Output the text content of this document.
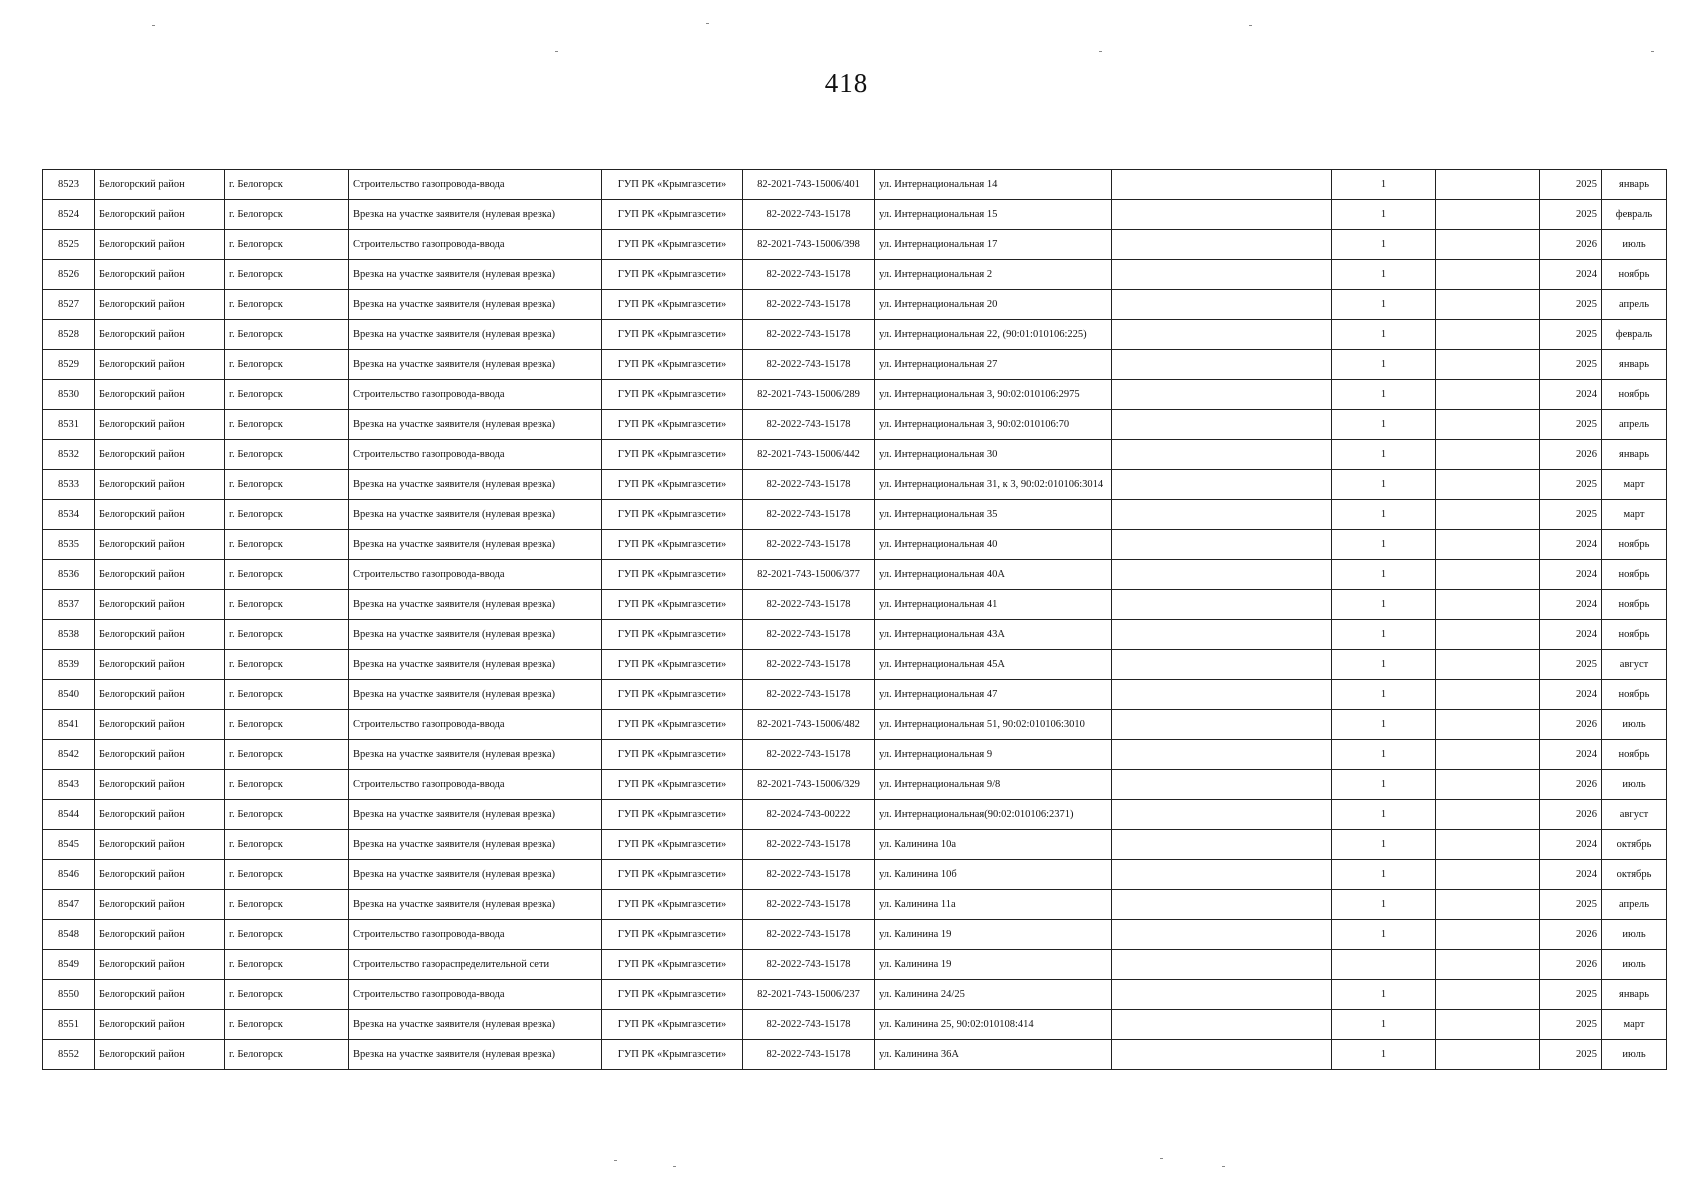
418
8523	Белогорский район	г. Белогорск	Строительство газопровода-ввода	ГУП РК «Крымгазсети»	82-2021-743-15006/401	ул. Интернациональная 14		1		2025	январь
8524	Белогорский район	г. Белогорск	Врезка на участке заявителя (нулевая врезка)	ГУП РК «Крымгазсети»	82-2022-743-15178	ул. Интернациональная 15		1		2025	февраль
8525	Белогорский район	г. Белогорск	Строительство газопровода-ввода	ГУП РК «Крымгазсети»	82-2021-743-15006/398	ул. Интернациональная 17		1		2026	июль
8526	Белогорский район	г. Белогорск	Врезка на участке заявителя (нулевая врезка)	ГУП РК «Крымгазсети»	82-2022-743-15178	ул. Интернациональная 2		1		2024	ноябрь
8527	Белогорский район	г. Белогорск	Врезка на участке заявителя (нулевая врезка)	ГУП РК «Крымгазсети»	82-2022-743-15178	ул. Интернациональная 20		1		2025	апрель
8528	Белогорский район	г. Белогорск	Врезка на участке заявителя (нулевая врезка)	ГУП РК «Крымгазсети»	82-2022-743-15178	ул. Интернациональная 22, (90:01:010106:225)		1		2025	февраль
8529	Белогорский район	г. Белогорск	Врезка на участке заявителя (нулевая врезка)	ГУП РК «Крымгазсети»	82-2022-743-15178	ул. Интернациональная 27		1		2025	январь
8530	Белогорский район	г. Белогорск	Строительство газопровода-ввода	ГУП РК «Крымгазсети»	82-2021-743-15006/289	ул. Интернациональная 3, 90:02:010106:2975		1		2024	ноябрь
8531	Белогорский район	г. Белогорск	Врезка на участке заявителя (нулевая врезка)	ГУП РК «Крымгазсети»	82-2022-743-15178	ул. Интернациональная 3, 90:02:010106:70		1		2025	апрель
8532	Белогорский район	г. Белогорск	Строительство газопровода-ввода	ГУП РК «Крымгазсети»	82-2021-743-15006/442	ул. Интернациональная 30		1		2026	январь
8533	Белогорский район	г. Белогорск	Врезка на участке заявителя (нулевая врезка)	ГУП РК «Крымгазсети»	82-2022-743-15178	ул. Интернациональная 31, к 3, 90:02:010106:3014		1		2025	март
8534	Белогорский район	г. Белогорск	Врезка на участке заявителя (нулевая врезка)	ГУП РК «Крымгазсети»	82-2022-743-15178	ул. Интернациональная 35		1		2025	март
8535	Белогорский район	г. Белогорск	Врезка на участке заявителя (нулевая врезка)	ГУП РК «Крымгазсети»	82-2022-743-15178	ул. Интернациональная 40		1		2024	ноябрь
8536	Белогорский район	г. Белогорск	Строительство газопровода-ввода	ГУП РК «Крымгазсети»	82-2021-743-15006/377	ул. Интернациональная 40А		1		2024	ноябрь
8537	Белогорский район	г. Белогорск	Врезка на участке заявителя (нулевая врезка)	ГУП РК «Крымгазсети»	82-2022-743-15178	ул. Интернациональная 41		1		2024	ноябрь
8538	Белогорский район	г. Белогорск	Врезка на участке заявителя (нулевая врезка)	ГУП РК «Крымгазсети»	82-2022-743-15178	ул. Интернациональная 43А		1		2024	ноябрь
8539	Белогорский район	г. Белогорск	Врезка на участке заявителя (нулевая врезка)	ГУП РК «Крымгазсети»	82-2022-743-15178	ул. Интернациональная 45А		1		2025	август
8540	Белогорский район	г. Белогорск	Врезка на участке заявителя (нулевая врезка)	ГУП РК «Крымгазсети»	82-2022-743-15178	ул. Интернациональная 47		1		2024	ноябрь
8541	Белогорский район	г. Белогорск	Строительство газопровода-ввода	ГУП РК «Крымгазсети»	82-2021-743-15006/482	ул. Интернациональная 51, 90:02:010106:3010		1		2026	июль
8542	Белогорский район	г. Белогорск	Врезка на участке заявителя (нулевая врезка)	ГУП РК «Крымгазсети»	82-2022-743-15178	ул. Интернациональная 9		1		2024	ноябрь
8543	Белогорский район	г. Белогорск	Строительство газопровода-ввода	ГУП РК «Крымгазсети»	82-2021-743-15006/329	ул. Интернациональная 9/8		1		2026	июль
8544	Белогорский район	г. Белогорск	Врезка на участке заявителя (нулевая врезка)	ГУП РК «Крымгазсети»	82-2024-743-00222	ул. Интернациональная(90:02:010106:2371)		1		2026	август
8545	Белогорский район	г. Белогорск	Врезка на участке заявителя (нулевая врезка)	ГУП РК «Крымгазсети»	82-2022-743-15178	ул. Калинина 10а		1		2024	октябрь
8546	Белогорский район	г. Белогорск	Врезка на участке заявителя (нулевая врезка)	ГУП РК «Крымгазсети»	82-2022-743-15178	ул. Калинина 10б		1		2024	октябрь
8547	Белогорский район	г. Белогорск	Врезка на участке заявителя (нулевая врезка)	ГУП РК «Крымгазсети»	82-2022-743-15178	ул. Калинина 11а		1		2025	апрель
8548	Белогорский район	г. Белогорск	Строительство газопровода-ввода	ГУП РК «Крымгазсети»	82-2022-743-15178	ул. Калинина 19		1		2026	июль
8549	Белогорский район	г. Белогорск	Строительство газораспределительной сети	ГУП РК «Крымгазсети»	82-2022-743-15178	ул. Калинина 19				2026	июль
8550	Белогорский район	г. Белогорск	Строительство газопровода-ввода	ГУП РК «Крымгазсети»	82-2021-743-15006/237	ул. Калинина 24/25		1		2025	январь
8551	Белогорский район	г. Белогорск	Врезка на участке заявителя (нулевая врезка)	ГУП РК «Крымгазсети»	82-2022-743-15178	ул. Калинина 25, 90:02:010108:414		1		2025	март
8552	Белогорский район	г. Белогорск	Врезка на участке заявителя (нулевая врезка)	ГУП РК «Крымгазсети»	82-2022-743-15178	ул. Калинина 36А		1		2025	июль
